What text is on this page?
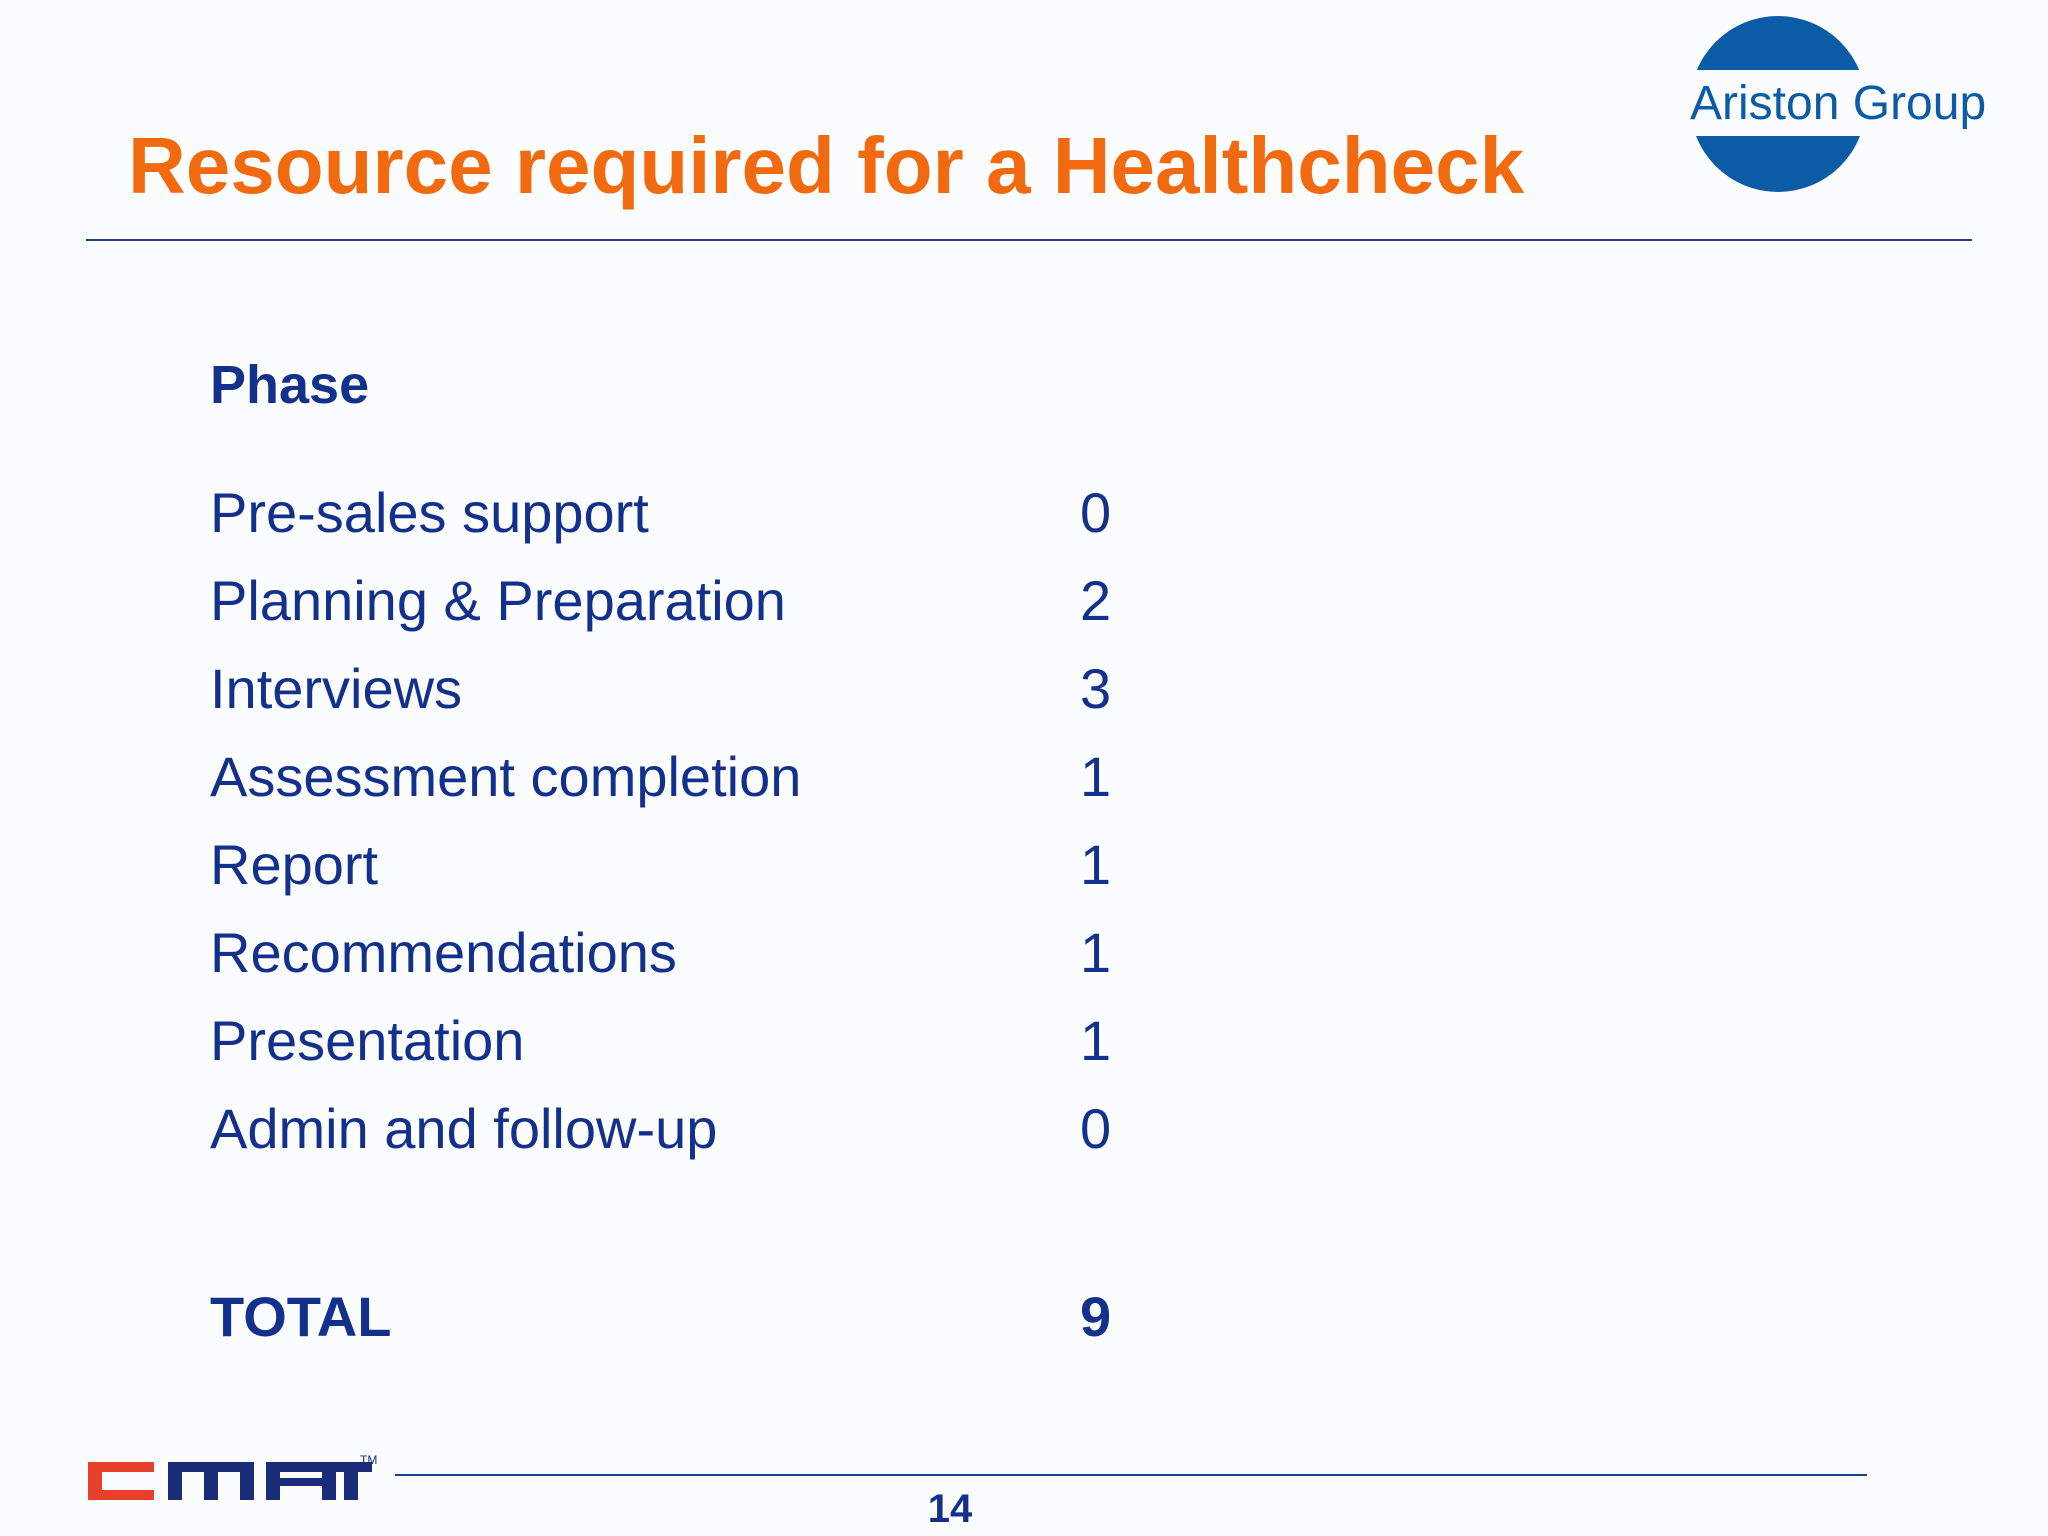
Resource required for a Healthcheck
Ariston Group
Phase
Pre-sales support	0
Planning & Preparation	2
Interviews	3
Assessment completion	1
Report	1
Recommendations	1
Presentation	1
Admin and follow-up	0
TOTAL	9
TM
14
